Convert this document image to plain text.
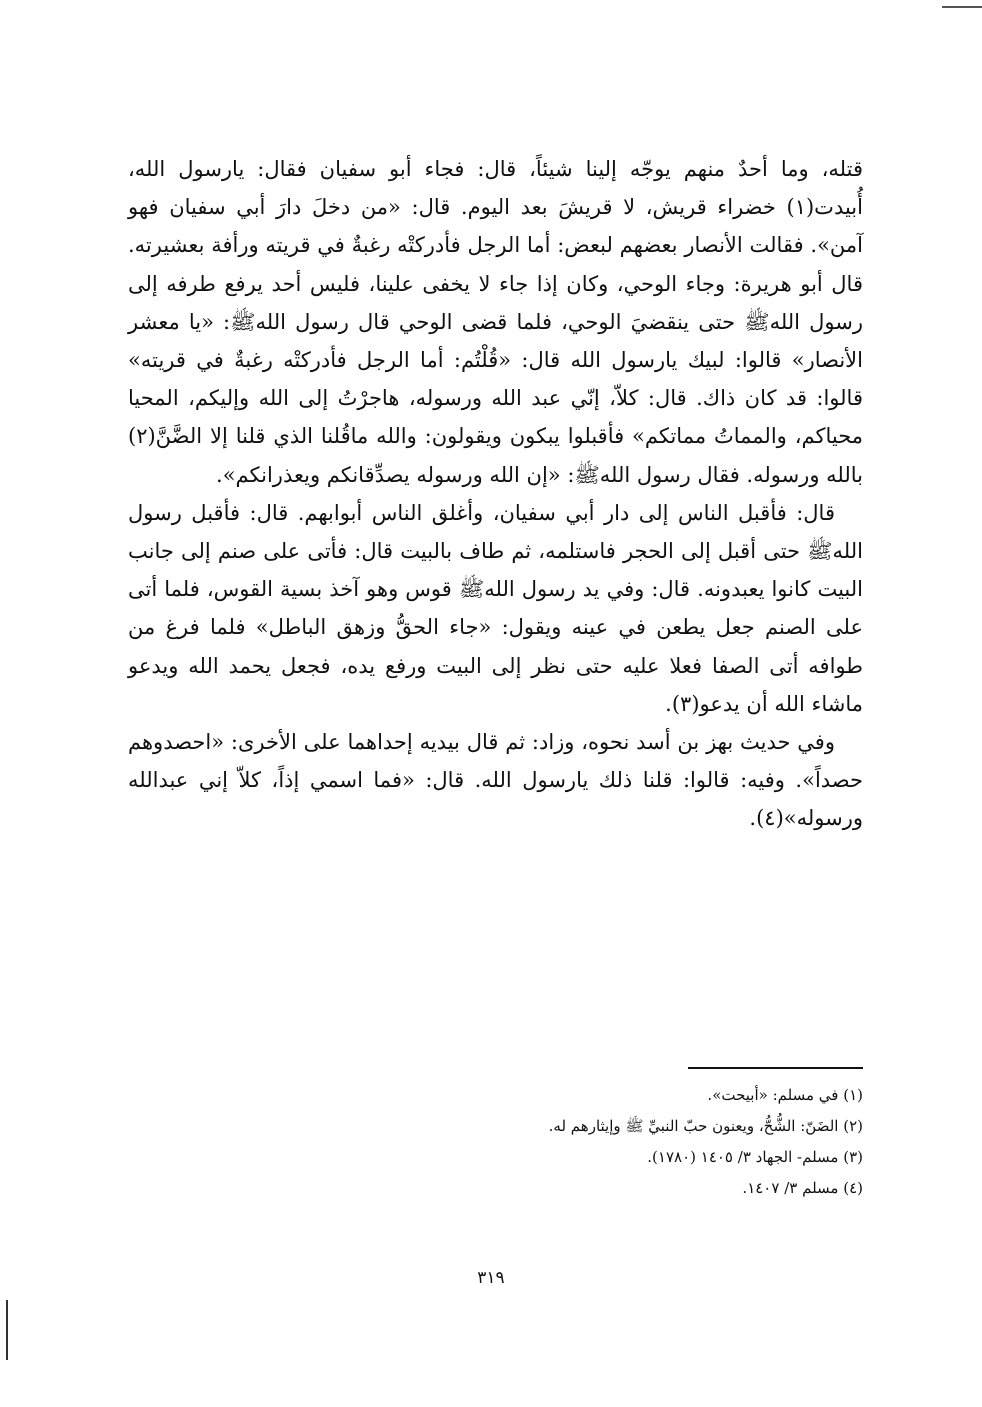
قتله، وما أحدٌ منهم يوجّه إلينا شيئاً، قال: فجاء أبو سفيان فقال: يارسول الله، أُبيدت(١) خضراء قريش، لا قريشَ بعد اليوم. قال: «من دخلَ دارَ أبي سفيان فهو آمن». فقالت الأنصار بعضهم لبعض: أما الرجل فأدركتْه رغبةٌ في قريته ورأفة بعشيرته. قال أبو هريرة: وجاء الوحي، وكان إذا جاء لا يخفى علينا، فليس أحد يرفع طرفه إلى رسول اللهﷺ حتى ينقضيَ الوحي، فلما قضى الوحي قال رسول اللهﷺ: «يا معشر الأنصار» قالوا: لبيك يارسول الله قال: «قُلْتُم: أما الرجل فأدركتْه رغبةٌ في قريته» قالوا: قد كان ذاك. قال: كلاّ، إنّي عبد الله ورسوله، هاجرْتُ إلى الله وإليكم، المحيا محياكم، والمماتُ مماتكم» فأقبلوا يبكون ويقولون: والله ماقُلنا الذي قلنا إلا الضَّنَّ(٢) بالله ورسوله. فقال رسول اللهﷺ: «إن الله ورسوله يصدِّقانكم ويعذرانكم».

قال: فأقبل الناس إلى دار أبي سفيان، وأغلق الناس أبوابهم. قال: فأقبل رسول اللهﷺ حتى أقبل إلى الحجر فاستلمه، ثم طاف بالبيت قال: فأتى على صنم إلى جانب البيت كانوا يعبدونه. قال: وفي يد رسول اللهﷺ قوس وهو آخذ بسية القوس، فلما أتى على الصنم جعل يطعن في عينه ويقول: «جاء الحقُّ وزهق الباطل» فلما فرغ من طوافه أتى الصفا فعلا عليه حتى نظر إلى البيت ورفع يده، فجعل يحمد الله ويدعو ماشاء الله أن يدعو(٣).

وفي حديث بهز بن أسد نحوه، وزاد: ثم قال بيديه إحداهما على الأخرى: «احصدوهم حصداً». وفيه: قالوا: قلنا ذلك يارسول الله. قال: «فما اسمي إذاً، كلاّ إني عبدالله ورسوله»(٤).

(١) في مسلم: «أبيحت».
(٢) الضَنّ: الشُّحُّ، ويعنون حبّ النبيِّ ﷺ وإيثارهم له.
(٣) مسلم- الجهاد ٣/ ١٤٠٥ (١٧٨٠).
(٤) مسلم ٣/ ١٤٠٧.
٣١٩
